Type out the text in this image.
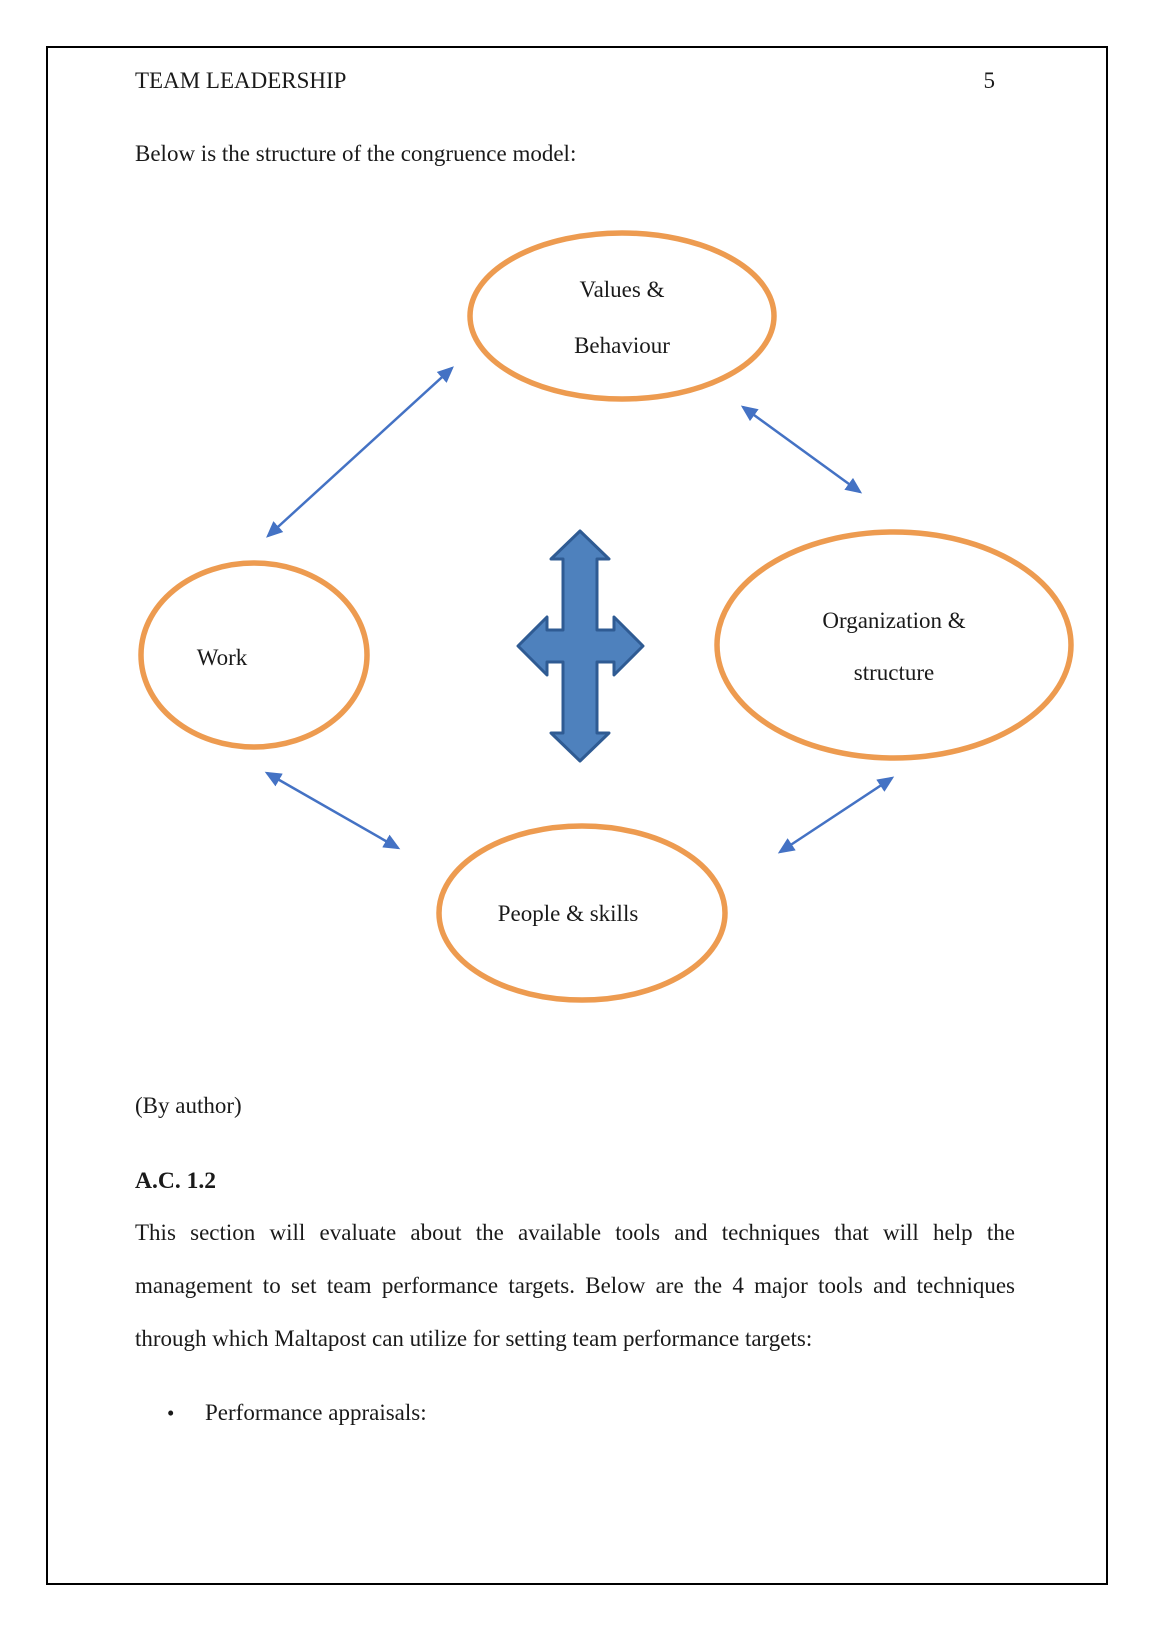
TEAM LEADERSHIP	5
Below is the structure of the congruence model:
Values &
Behaviour
Work
Organization &
structure
People & skills
(By author)
A.C. 1.2
This section will evaluate about the available tools and techniques that will help the
management to set team performance targets. Below are the 4 major tools and techniques
through which Maltapost can utilize for setting team performance targets:
•	Performance appraisals:
